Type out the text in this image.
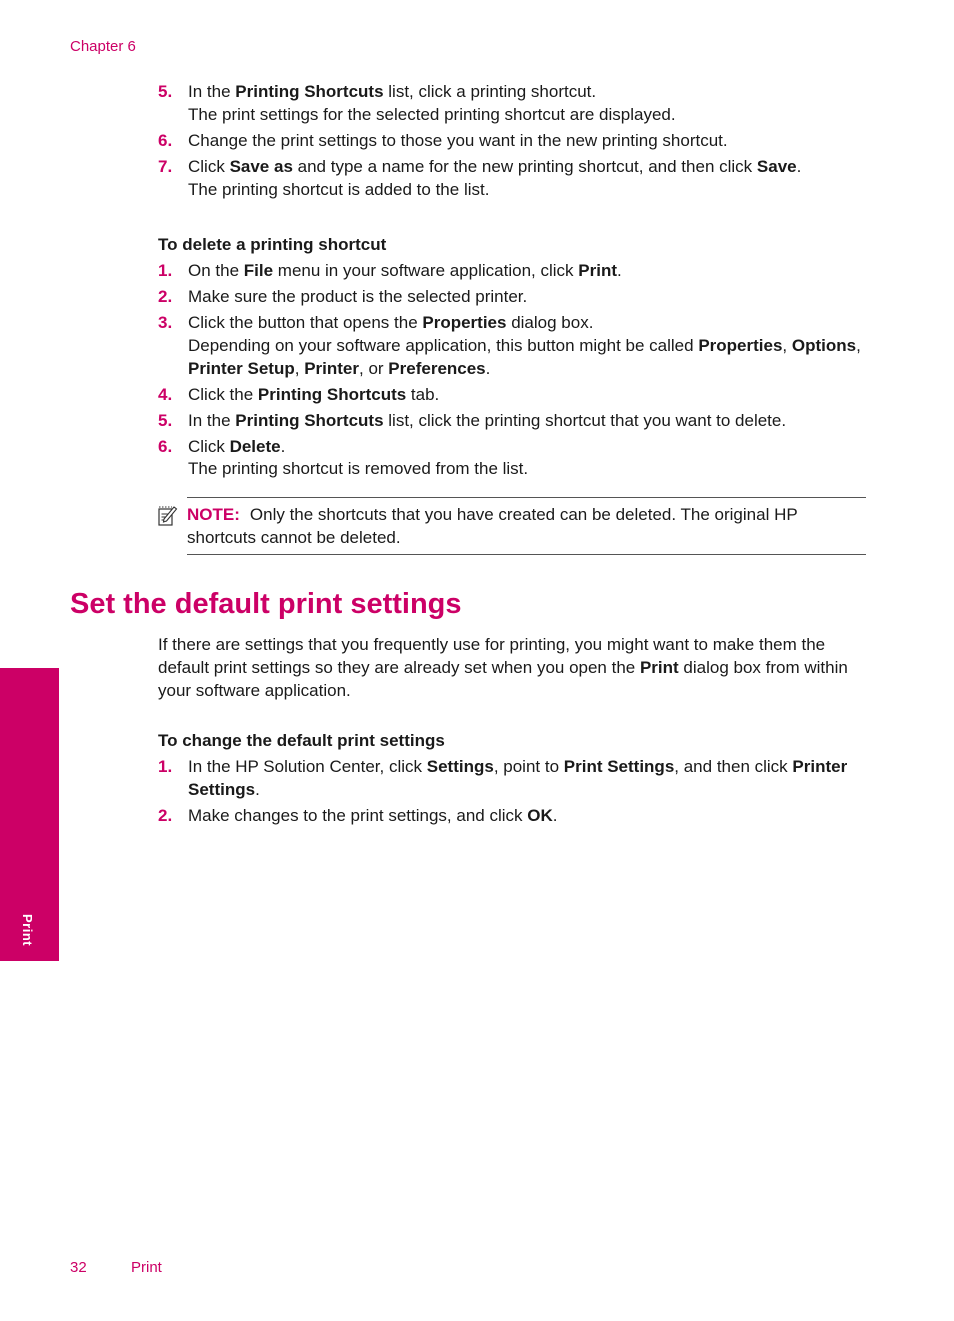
Chapter 6

5. In the Printing Shortcuts list, click a printing shortcut.
The print settings for the selected printing shortcut are displayed.

6. Change the print settings to those you want in the new printing shortcut.

7. Click Save as and type a name for the new printing shortcut, and then click Save.
The printing shortcut is added to the list.

To delete a printing shortcut

1. On the File menu in your software application, click Print.

2. Make sure the product is the selected printer.

3. Click the button that opens the Properties dialog box.
Depending on your software application, this button might be called Properties, Options, Printer Setup, Printer, or Preferences.

4. Click the Printing Shortcuts tab.

5. In the Printing Shortcuts list, click the printing shortcut that you want to delete.

6. Click Delete.
The printing shortcut is removed from the list.

NOTE: Only the shortcuts that you have created can be deleted. The original HP shortcuts cannot be deleted.
Set the default print settings

If there are settings that you frequently use for printing, you might want to make them the default print settings so they are already set when you open the Print dialog box from within your software application.

To change the default print settings

1. In the HP Solution Center, click Settings, point to Print Settings, and then click Printer Settings.

2. Make changes to the print settings, and click OK.

Print
32	Print
